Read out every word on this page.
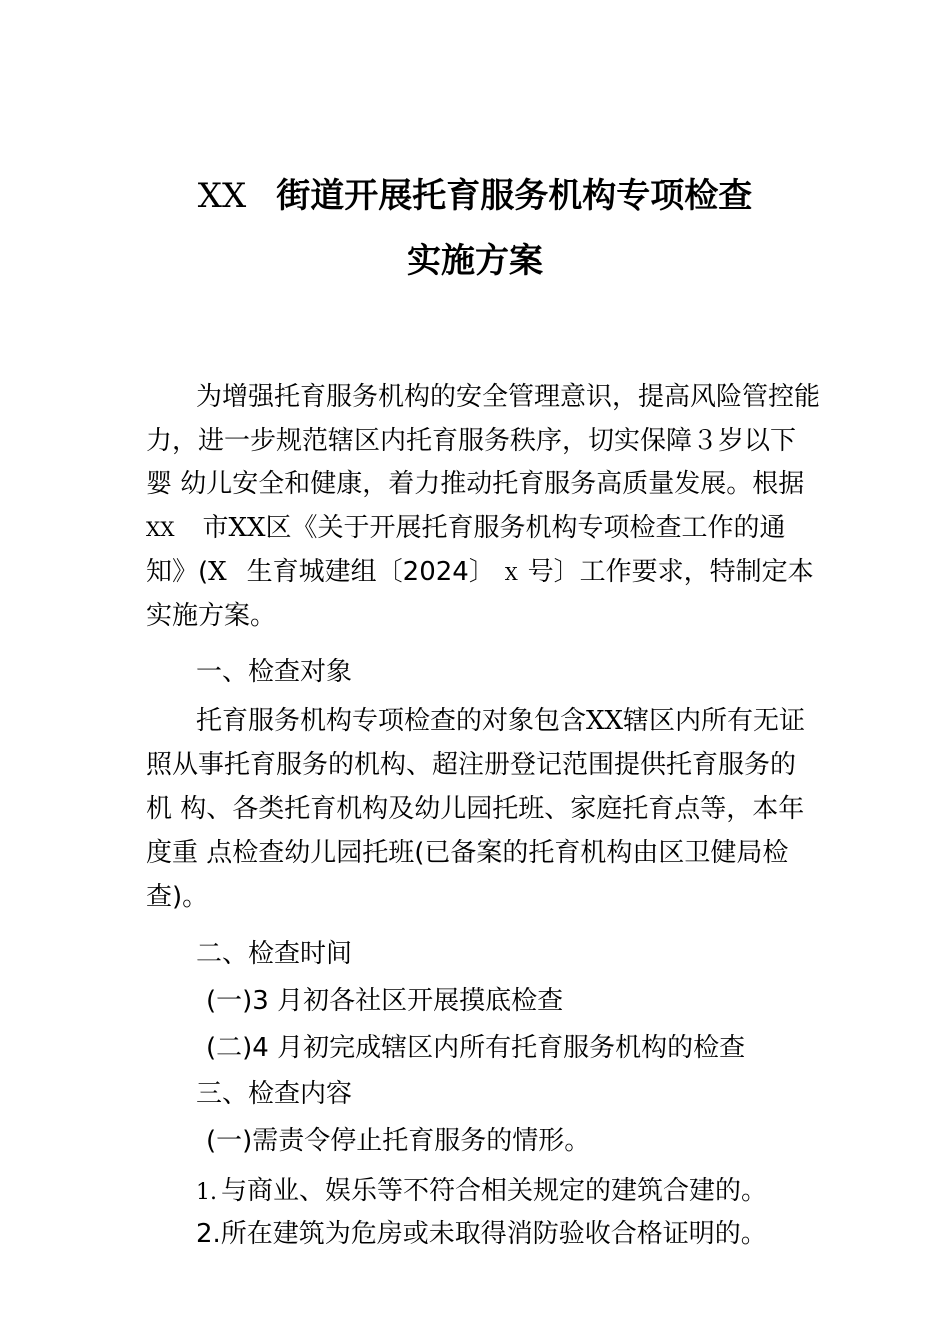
XX 街道开展托育服务机构专项检查
实施方案
为增强托育服务机构的安全管理意识，提高风险管控能
力，进一步规范辖区内托育服务秩序，切实保障３岁以下
婴 幼儿安全和健康，着力推动托育服务高质量发展。根据
XX 市XX区《关于开展托育服务机构专项检查工作的通
知》(X 生育城建组〔2024〕 X 号〕工作要求，特制定本
实施方案。
一、检查对象
托育服务机构专项检查的对象包含XX辖区内所有无证
照从事托育服务的机构、超注册登记范围提供托育服务的
机 构、各类托育机构及幼儿园托班、家庭托育点等，本年
度重 点检查幼儿园托班(已备案的托育机构由区卫健局检
查)。
二、检查时间
(一)3 月初各社区开展摸底检查
(二)4 月初完成辖区内所有托育服务机构的检查
三、检查内容
(一)需责令停止托育服务的情形。
1. 与商业、娱乐等不符合相关规定的建筑合建的。
2.所在建筑为危房或未取得消防验收合格证明的。
